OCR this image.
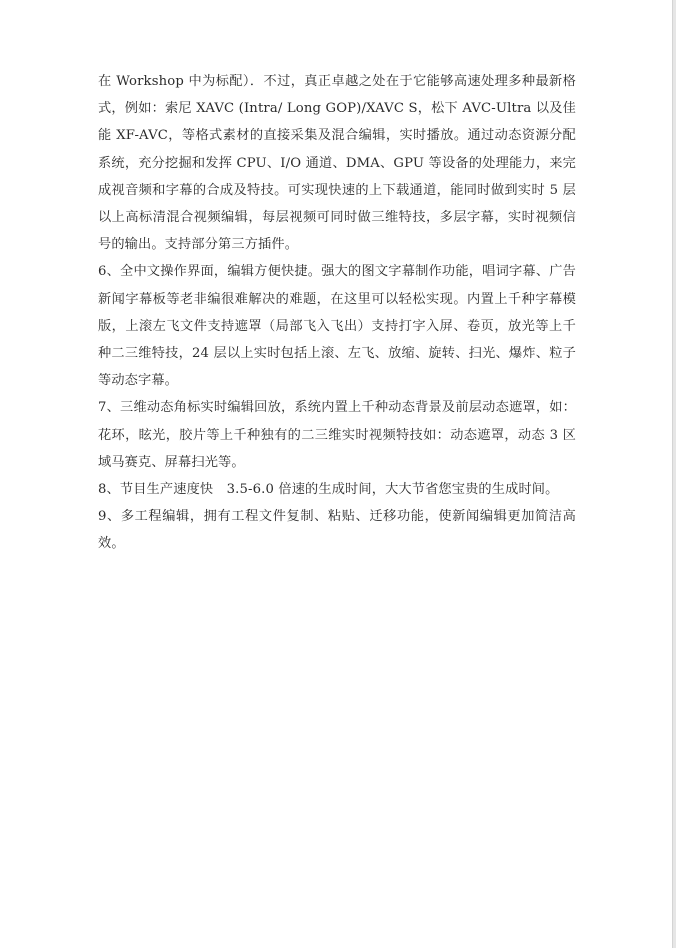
在 Workshop 中为标配）．不过，真正卓越之处在于它能够高速处理多种最新格式，例如：索尼 XAVC (Intra/ Long GOP)/XAVC S，松下 AVC-Ultra 以及佳能 XF-AVC，等格式素材的直接采集及混合编辑，实时播放。通过动态资源分配系统，充分挖掘和发挥 CPU、I/O 通道、DMA、GPU 等设备的处理能力，来完成视音频和字幕的合成及特技。可实现快速的上下载通道，能同时做到实时 5 层以上高标清混合视频编辑，每层视频可同时做三维特技，多层字幕，实时视频信号的输出。支持部分第三方插件。

6、全中文操作界面，编辑方便快捷。强大的图文字幕制作功能，唱词字幕、广告新闻字幕板等老非编很难解决的难题，在这里可以轻松实现。内置上千种字幕模版，上滚左飞文件支持遮罩（局部飞入飞出）支持打字入屏、卷页，放光等上千种二三维特技，24 层以上实时包括上滚、左飞、放缩、旋转、扫光、爆炸、粒子等动态字幕。

7、三维动态角标实时编辑回放，系统内置上千种动态背景及前层动态遮罩，如：花环，眩光，胶片等上千种独有的二三维实时视频特技如：动态遮罩，动态 3 区域马赛克、屏幕扫光等。

8、节目生产速度快　3.5-6.0 倍速的生成时间，大大节省您宝贵的生成时间。

9、多工程编辑，拥有工程文件复制、粘贴、迁移功能，使新闻编辑更加简洁高效。
